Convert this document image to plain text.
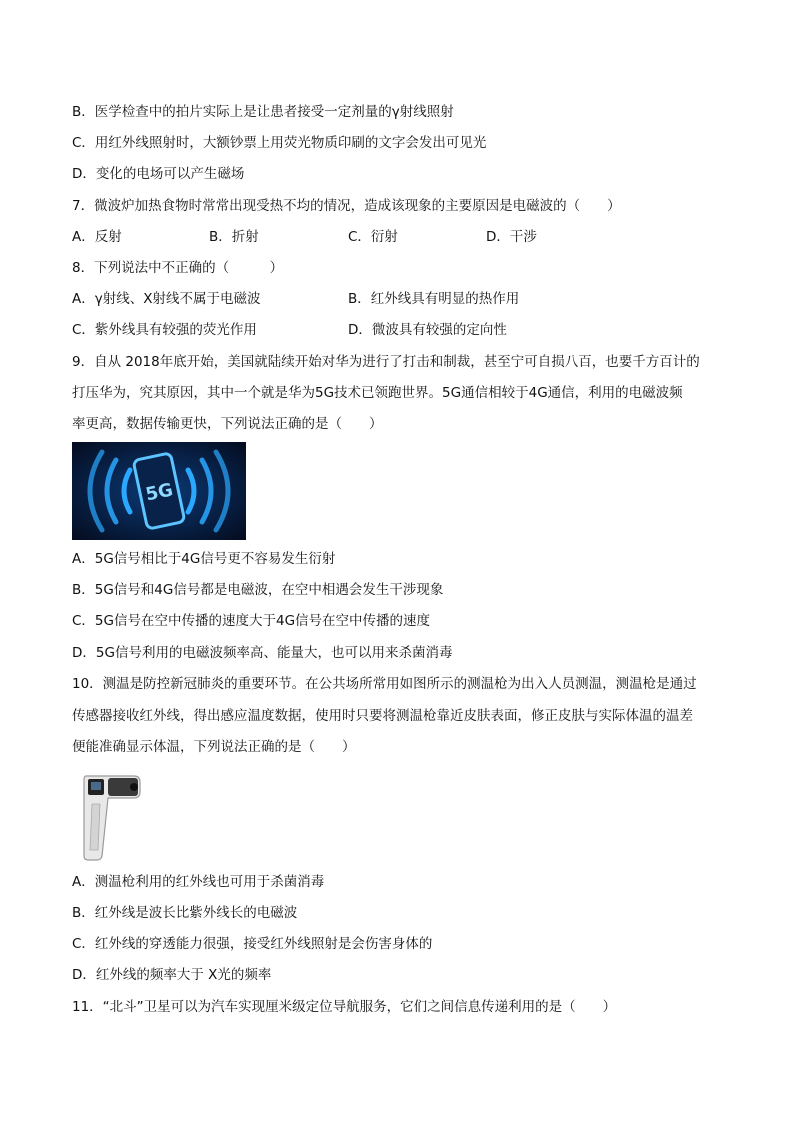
B．医学检查中的拍片实际上是让患者接受一定剂量的γ射线照射
C．用红外线照射时，大额钞票上用荧光物质印刷的文字会发出可见光
D．变化的电场可以产生磁场
7．微波炉加热食物时常常出现受热不均的情况，造成该现象的主要原因是电磁波的（　　）
A．反射	B．折射	C．衍射	D．干涉
8．下列说法中不正确的（　　　）
A．γ射线、X射线不属于电磁波	B．红外线具有明显的热作用
C．紫外线具有较强的荧光作用	D．微波具有较强的定向性
9．自从 2018年底开始，美国就陆续开始对华为进行了打击和制裁，甚至宁可自损八百，也要千方百计的
打压华为，究其原因，其中一个就是华为5G技术已领跑世界。5G通信相较于4G通信，利用的电磁波频
率更高，数据传输更快，下列说法正确的是（　　）
5G
A．5G信号相比于4G信号更不容易发生衍射
B．5G信号和4G信号都是电磁波，在空中相遇会发生干涉现象
C．5G信号在空中传播的速度大于4G信号在空中传播的速度
D．5G信号利用的电磁波频率高、能量大，也可以用来杀菌消毒
10．测温是防控新冠肺炎的重要环节。在公共场所常用如图所示的测温枪为出入人员测温，测温枪是通过
传感器接收红外线，得出感应温度数据，使用时只要将测温枪靠近皮肤表面，修正皮肤与实际体温的温差
便能准确显示体温，下列说法正确的是（　　）
A．测温枪利用的红外线也可用于杀菌消毒
B．红外线是波长比紫外线长的电磁波
C．红外线的穿透能力很强，接受红外线照射是会伤害身体的
D．红外线的频率大于 X光的频率
11．“北斗”卫星可以为汽车实现厘米级定位导航服务，它们之间信息传递利用的是（　　）
